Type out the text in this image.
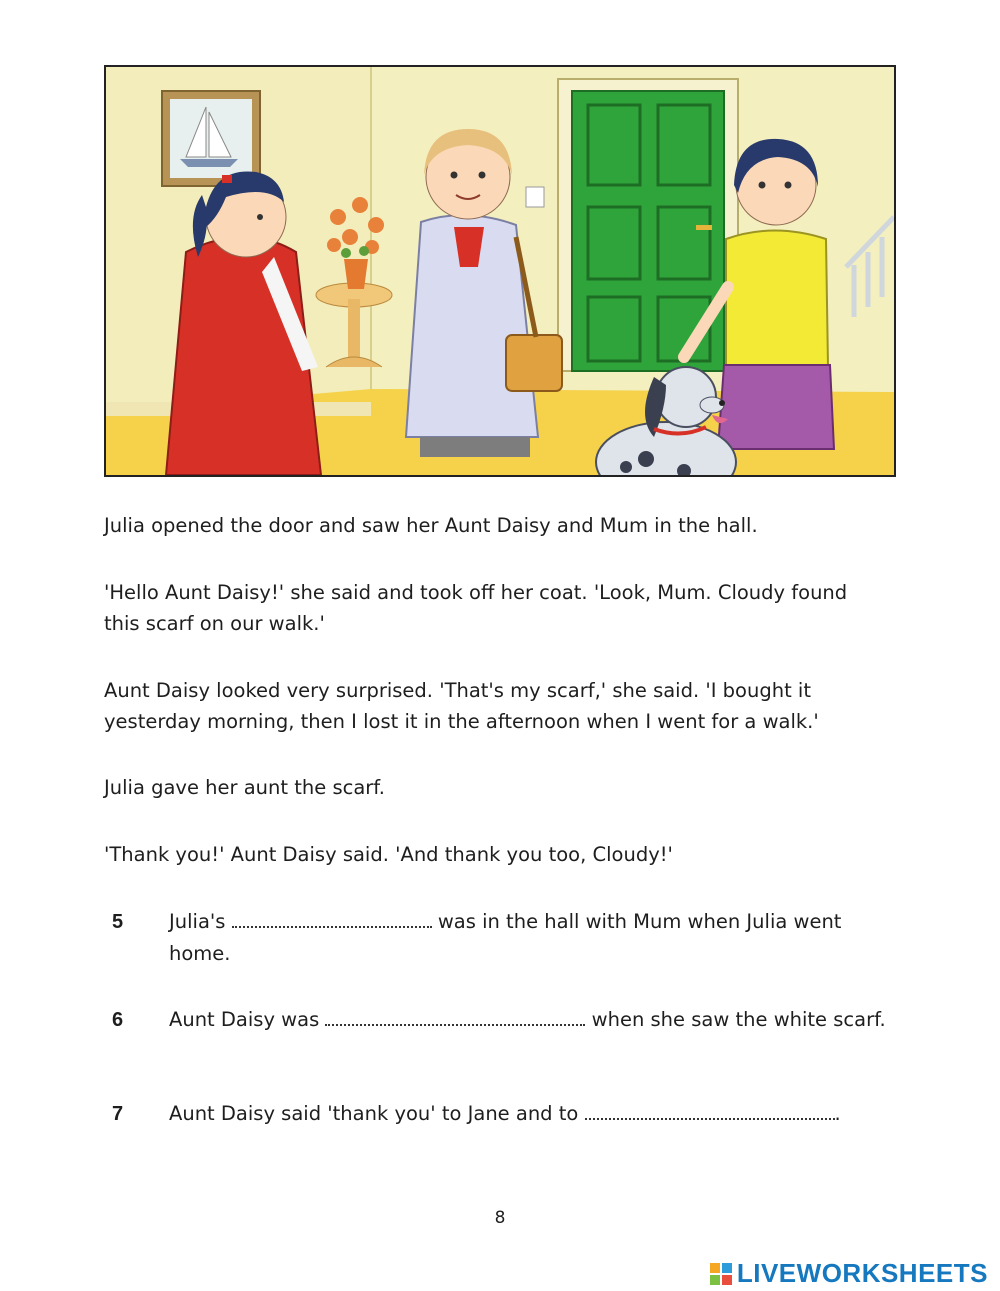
Julia opened the door and saw her Aunt Daisy and Mum in the hall.

'Hello Aunt Daisy!' she said and took off her coat. 'Look, Mum. Cloudy found this scarf on our walk.'

Aunt Daisy looked very surprised. 'That's my scarf,' she said. 'I bought it yesterday morning, then I lost it in the afternoon when I went for a walk.'

Julia gave her aunt the scarf.

'Thank you!' Aunt Daisy said. 'And thank you too, Cloudy!'

5 Julia's	was in the hall with Mum when Julia went home.
6 Aunt Daisy was	when she saw the white scarf.
7 Aunt Daisy said 'thank you' to Jane and to	.
8
LIVEWORKSHEETS
